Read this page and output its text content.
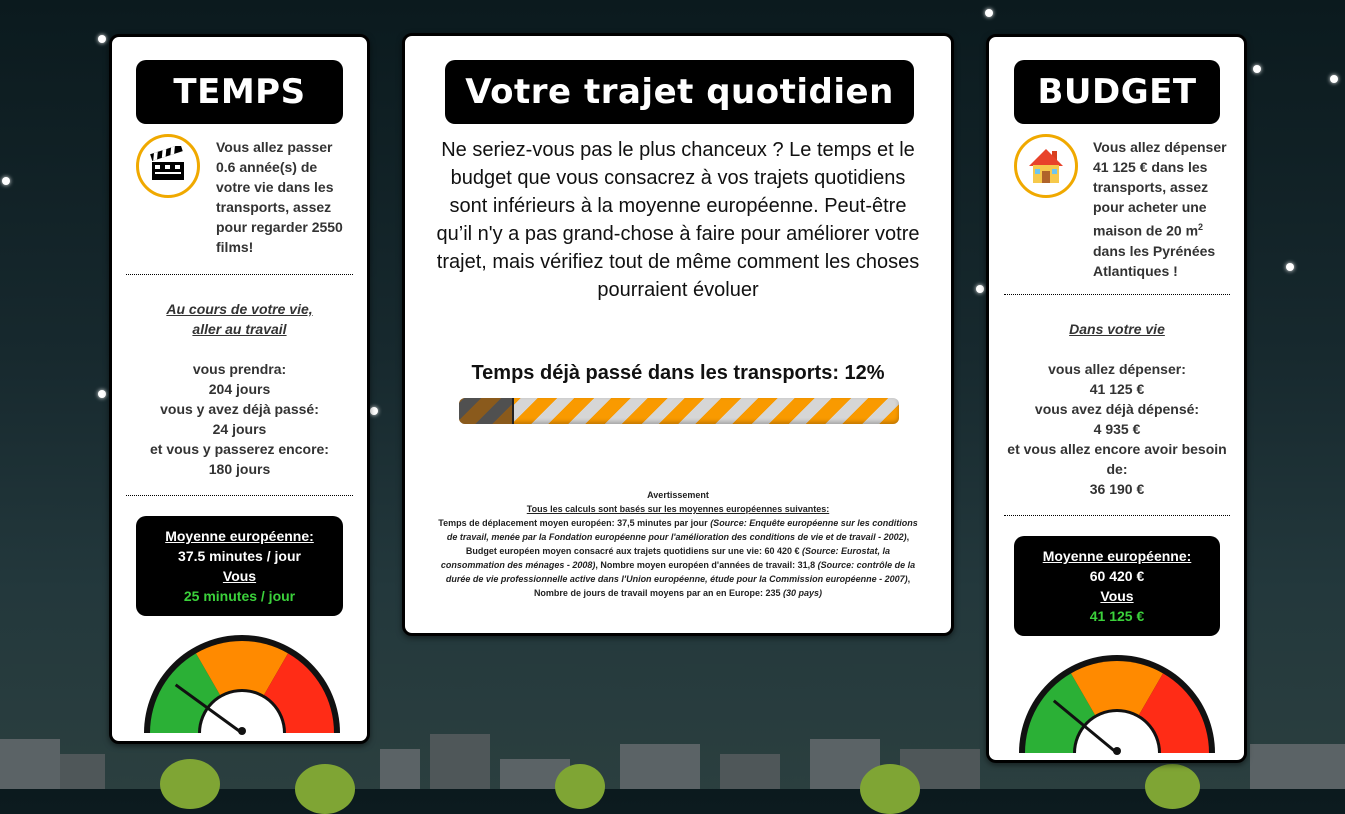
TEMPS
Vous allez passer 0.6 année(s) de votre vie dans les transports, assez pour regarder 2550 films!
Au cours de votre vie,
aller au travail

vous prendra:
204 jours
vous y avez déjà passé:
24 jours
et vous y passerez encore:
180 jours
Moyenne européenne:
37.5 minutes / jour
Vous
25 minutes / jour
Votre trajet quotidien
Ne seriez-vous pas le plus chanceux ? Le temps et le budget que vous consacrez à vos trajets quotidiens sont inférieurs à la moyenne européenne. Peut-être qu’il n'y a pas grand-chose à faire pour améliorer votre trajet, mais vérifiez tout de même comment les choses pourraient évoluer
Temps déjà passé dans les transports: 12%
Avertissement
Tous les calculs sont basés sur les moyennes européennes suivantes:
Temps de déplacement moyen européen: 37,5 minutes par jour (Source: Enquête européenne sur les conditions de travail, menée par la Fondation européenne pour l'amélioration des conditions de vie et de travail - 2002), Budget européen moyen consacré aux trajets quotidiens sur une vie: 60 420 € (Source: Eurostat, la consommation des ménages - 2008), Nombre moyen européen d'années de travail: 31,8 (Source: contrôle de la durée de vie professionnelle active dans l'Union européenne, étude pour la Commission européenne - 2007), Nombre de jours de travail moyens par an en Europe: 235 (30 pays)
BUDGET
Vous allez dépenser 41 125 € dans les transports, assez pour acheter une maison de 20 $m^2$ dans les Pyrénées Atlantiques !
Dans votre vie

vous allez dépenser:
41 125 €
vous avez déjà dépensé:
4 935 €
et vous allez encore avoir besoin de:
36 190 €
Moyenne européenne:
60 420 €
Vous
41 125 €
